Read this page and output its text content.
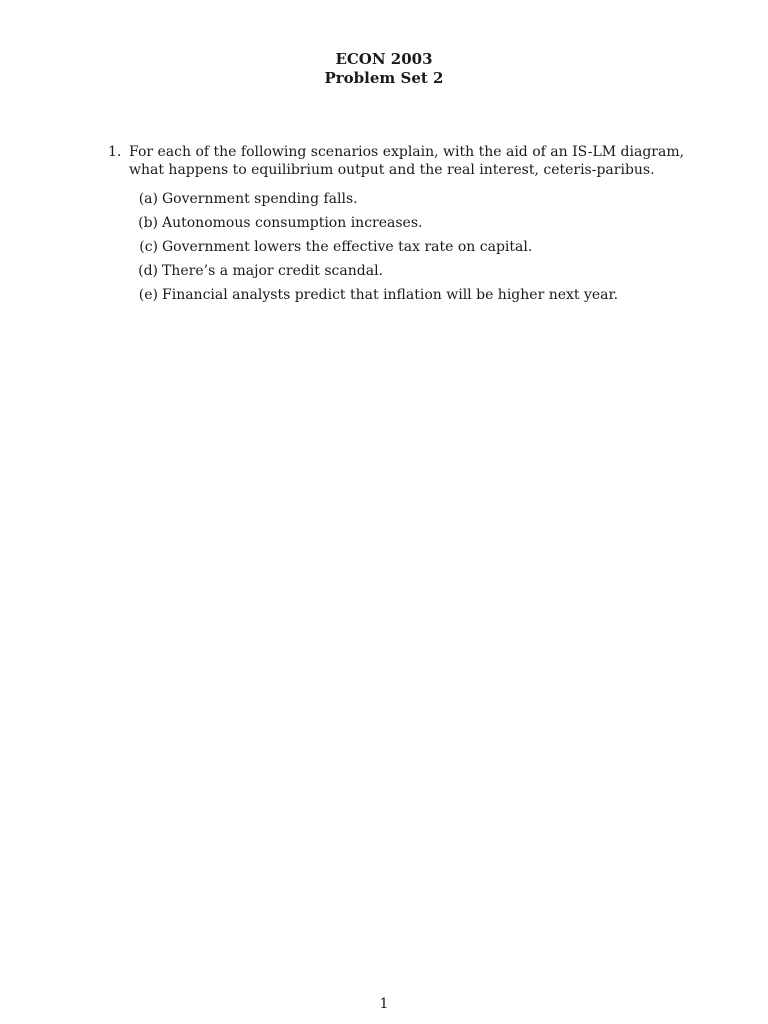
ECON 2003
Problem Set 2
1. For each of the following scenarios explain, with the aid of an IS-LM diagram, what happens to equilibrium output and the real interest, ceteris-paribus.
(a) Government spending falls.
(b) Autonomous consumption increases.
(c) Government lowers the effective tax rate on capital.
(d) There’s a major credit scandal.
(e) Financial analysts predict that inflation will be higher next year.
1
